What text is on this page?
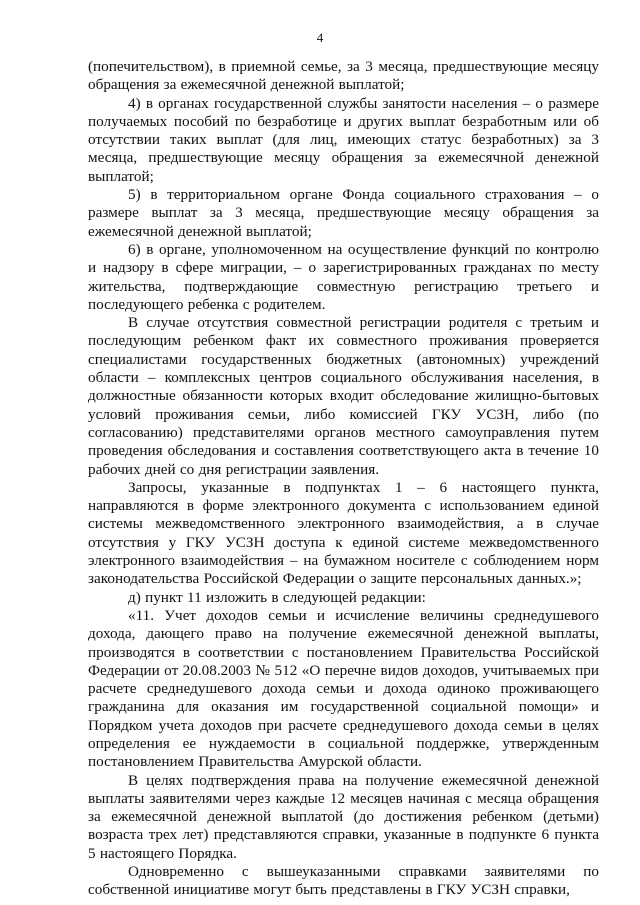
4

(попечительством), в приемной семье, за 3 месяца, предшествующие месяцу обращения за ежемесячной денежной выплатой;

4) в органах государственной службы занятости населения – о размере получаемых пособий по безработице и других выплат безработным или об отсутствии таких выплат (для лиц, имеющих статус безработных) за 3 месяца, предшествующие месяцу обращения за ежемесячной денежной выплатой;

5) в территориальном органе Фонда социального страхования – о размере выплат за 3 месяца, предшествующие месяцу обращения за ежемесячной денежной выплатой;

6) в органе, уполномоченном на осуществление функций по контролю и надзору в сфере миграции, – о зарегистрированных гражданах по месту жительства, подтверждающие совместную регистрацию третьего и последующего ребенка с родителем.

В случае отсутствия совместной регистрации родителя с третьим и последующим ребенком факт их совместного проживания проверяется специалистами государственных бюджетных (автономных) учреждений области – комплексных центров социального обслуживания населения, в должностные обязанности которых входит обследование жилищно-бытовых условий проживания семьи, либо комиссией ГКУ УСЗН, либо (по согласованию) представителями органов местного самоуправления путем проведения обследования и составления соответствующего акта в течение 10 рабочих дней со дня регистрации заявления.

Запросы, указанные в подпунктах 1 – 6 настоящего пункта, направляются в форме электронного документа с использованием единой системы межведомственного электронного взаимодействия, а в случае отсутствия у ГКУ УСЗН доступа к единой системе межведомственного электронного взаимодействия – на бумажном носителе с соблюдением норм законодательства Российской Федерации о защите персональных данных.»;

д) пункт 11 изложить в следующей редакции:

«11. Учет доходов семьи и исчисление величины среднедушевого дохода, дающего право на получение ежемесячной денежной выплаты, производятся в соответствии с постановлением Правительства Российской Федерации от 20.08.2003 № 512 «О перечне видов доходов, учитываемых при расчете среднедушевого дохода семьи и дохода одиноко проживающего гражданина для оказания им государственной социальной помощи» и Порядком учета доходов при расчете среднедушевого дохода семьи в целях определения ее нуждаемости в социальной поддержке, утвержденным постановлением Правительства Амурской области.

В целях подтверждения права на получение ежемесячной денежной выплаты заявителями через каждые 12 месяцев начиная с месяца обращения за ежемесячной денежной выплатой (до достижения ребенком (детьми) возраста трех лет) представляются справки, указанные в подпункте 6 пункта 5 настоящего Порядка.

Одновременно с вышеуказанными справками заявителями по собственной инициативе могут быть представлены в ГКУ УСЗН справки,
